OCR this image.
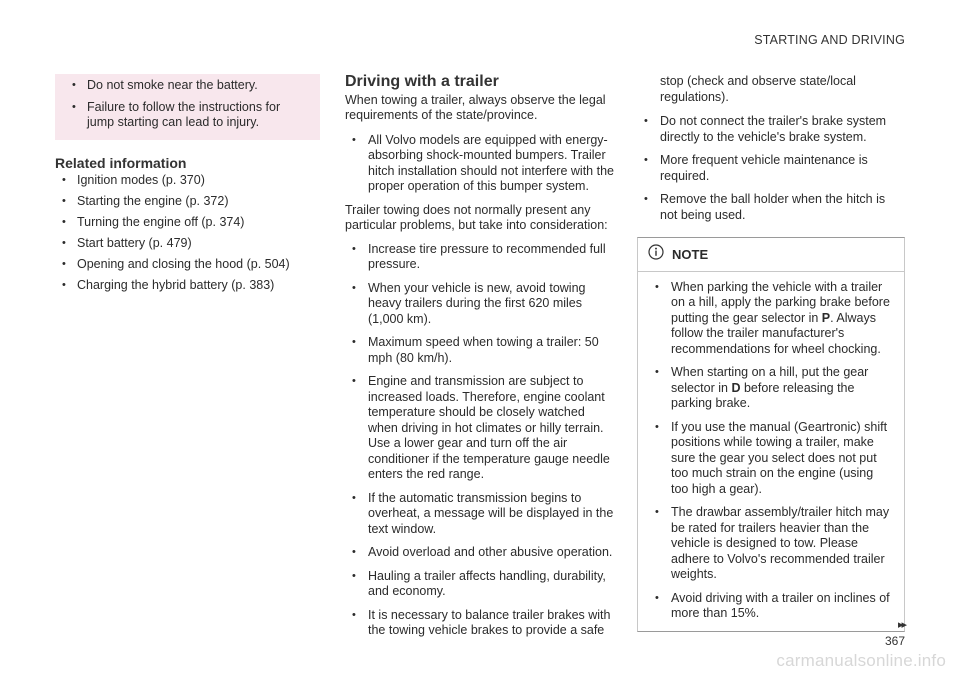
STARTING AND DRIVING
• Do not smoke near the battery.
• Failure to follow the instructions for jump starting can lead to injury.
Related information
• Ignition modes (p. 370)
• Starting the engine (p. 372)
• Turning the engine off (p. 374)
• Start battery (p. 479)
• Opening and closing the hood (p. 504)
• Charging the hybrid battery (p. 383)
Driving with a trailer

When towing a trailer, always observe the legal requirements of the state/province.

• All Volvo models are equipped with energy-absorbing shock-mounted bumpers. Trailer hitch installation should not interfere with the proper operation of this bumper system.

Trailer towing does not normally present any particular problems, but take into consideration:

• Increase tire pressure to recommended full pressure.
• When your vehicle is new, avoid towing heavy trailers during the first 620 miles (1,000 km).
• Maximum speed when towing a trailer: 50 mph (80 km/h).
• Engine and transmission are subject to increased loads. Therefore, engine coolant temperature should be closely watched when driving in hot climates or hilly terrain. Use a lower gear and turn off the air conditioner if the temperature gauge needle enters the red range.
• If the automatic transmission begins to overheat, a message will be displayed in the text window.
• Avoid overload and other abusive operation.
• Hauling a trailer affects handling, durability, and economy.
• It is necessary to balance trailer brakes with the towing vehicle brakes to provide a safe

stop (check and observe state/local regulations).

• Do not connect the trailer's brake system directly to the vehicle's brake system.
• More frequent vehicle maintenance is required.
• Remove the ball holder when the hitch is not being used.
NOTE
• When parking the vehicle with a trailer on a hill, apply the parking brake before putting the gear selector in P. Always follow the trailer manufacturer's recommendations for wheel chocking.
• When starting on a hill, put the gear selector in D before releasing the parking brake.
• If you use the manual (Geartronic) shift positions while towing a trailer, make sure the gear you select does not put too much strain on the engine (using too high a gear).
• The drawbar assembly/trailer hitch may be rated for trailers heavier than the vehicle is designed to tow. Please adhere to Volvo's recommended trailer weights.
• Avoid driving with a trailer on inclines of more than 15%.
▸▸
367
carmanualsonline.info
